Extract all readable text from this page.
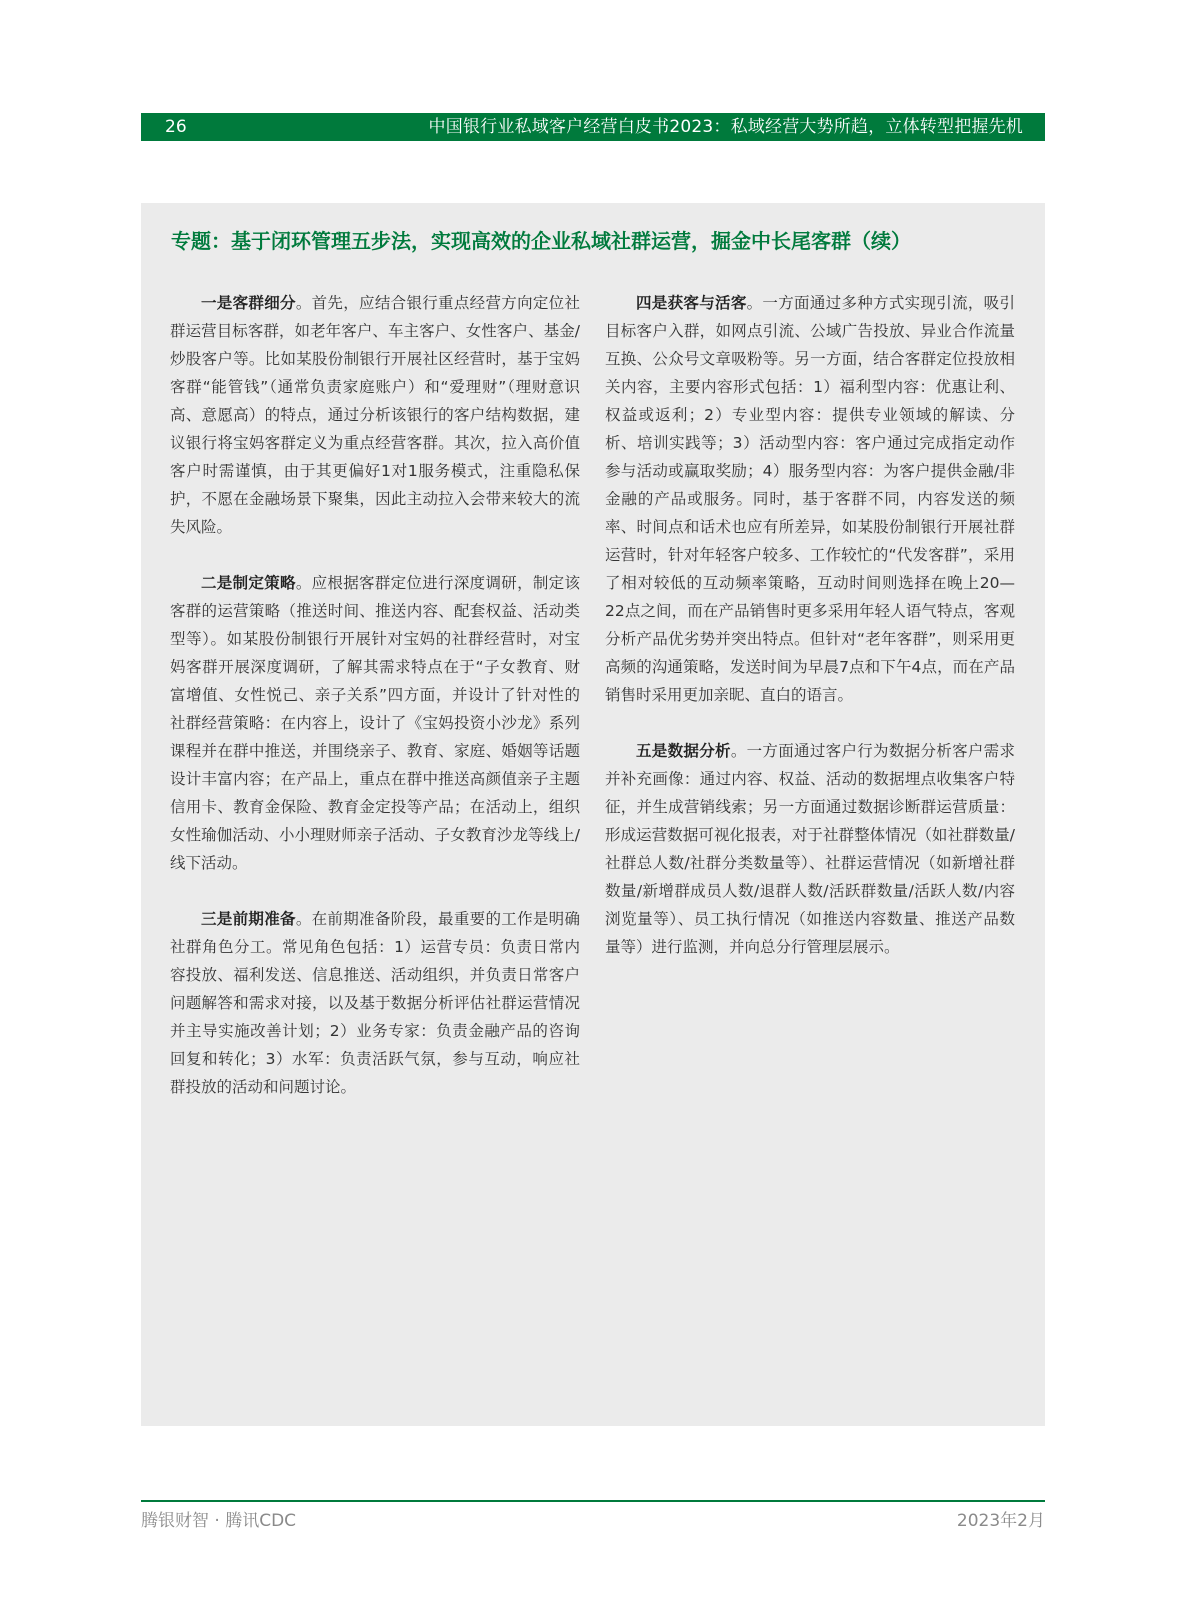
26	中国银行业私域客户经营白皮书2023：私域经营大势所趋，立体转型把握先机
专题：基于闭环管理五步法，实现高效的企业私域社群运营，掘金中长尾客群（续）

一是客群细分。首先，应结合银行重点经营方向定位社群运营目标客群，如老年客户、车主客户、女性客户、基金/炒股客户等。比如某股份制银行开展社区经营时，基于宝妈客群“能管钱”（通常负责家庭账户）和“爱理财”（理财意识高、意愿高）的特点，通过分析该银行的客户结构数据，建议银行将宝妈客群定义为重点经营客群。其次，拉入高价值客户时需谨慎，由于其更偏好1对1服务模式，注重隐私保护，不愿在金融场景下聚集，因此主动拉入会带来较大的流失风险。

二是制定策略。应根据客群定位进行深度调研，制定该客群的运营策略（推送时间、推送内容、配套权益、活动类型等）。如某股份制银行开展针对宝妈的社群经营时，对宝妈客群开展深度调研，了解其需求特点在于“子女教育、财富增值、女性悦己、亲子关系”四方面，并设计了针对性的社群经营策略：在内容上，设计了《宝妈投资小沙龙》系列课程并在群中推送，并围绕亲子、教育、家庭、婚姻等话题设计丰富内容；在产品上，重点在群中推送高颜值亲子主题信用卡、教育金保险、教育金定投等产品；在活动上，组织女性瑜伽活动、小小理财师亲子活动、子女教育沙龙等线上/线下活动。

三是前期准备。在前期准备阶段，最重要的工作是明确社群角色分工。常见角色包括：1）运营专员：负责日常内容投放、福利发送、信息推送、活动组织，并负责日常客户问题解答和需求对接，以及基于数据分析评估社群运营情况并主导实施改善计划；2）业务专家：负责金融产品的咨询回复和转化；3）水军：负责活跃气氛，参与互动，响应社群投放的活动和问题讨论。

四是获客与活客。一方面通过多种方式实现引流，吸引目标客户入群，如网点引流、公域广告投放、异业合作流量互换、公众号文章吸粉等。另一方面，结合客群定位投放相关内容，主要内容形式包括：1）福利型内容：优惠让利、权益或返利；2）专业型内容：提供专业领域的解读、分析、培训实践等；3）活动型内容：客户通过完成指定动作参与活动或赢取奖励；4）服务型内容：为客户提供金融/非金融的产品或服务。同时，基于客群不同，内容发送的频率、时间点和话术也应有所差异，如某股份制银行开展社群运营时，针对年轻客户较多、工作较忙的“代发客群”，采用了相对较低的互动频率策略，互动时间则选择在晚上20—22点之间，而在产品销售时更多采用年轻人语气特点，客观分析产品优劣势并突出特点。但针对“老年客群”，则采用更高频的沟通策略，发送时间为早晨7点和下午4点，而在产品销售时采用更加亲昵、直白的语言。

五是数据分析。一方面通过客户行为数据分析客户需求并补充画像：通过内容、权益、活动的数据埋点收集客户特征，并生成营销线索；另一方面通过数据诊断群运营质量：形成运营数据可视化报表，对于社群整体情况（如社群数量/社群总人数/社群分类数量等）、社群运营情况（如新增社群数量/新增群成员人数/退群人数/活跃群数量/活跃人数/内容浏览量等）、员工执行情况（如推送内容数量、推送产品数量等）进行监测，并向总分行管理层展示。

腾银财智 · 腾讯CDC	2023年2月
